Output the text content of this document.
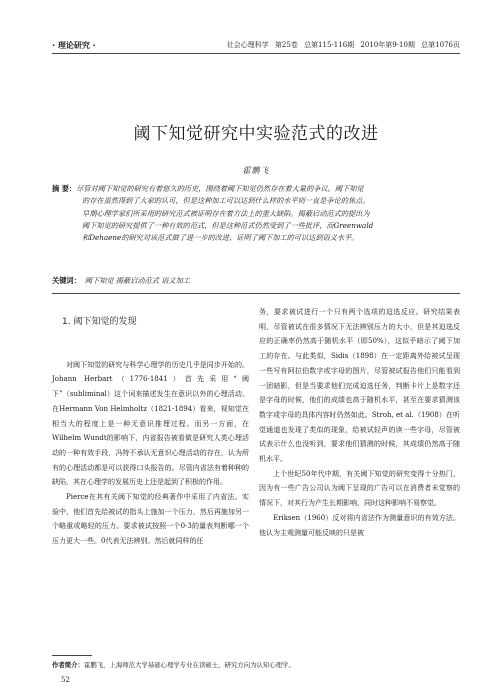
· 理论研究 ·	社会心理科学 第25卷 总第115-116期 2010年第9-10期 总第1076页
阈下知觉研究中实验范式的改进
霍鹏飞
摘 要：尽管对阈下知觉的研究有着悠久的历史，围绕着阈下知觉仍然存在着大量的争议。阈下知觉
的存在虽然得到了大家的认可，但是这种加工可以达到什么样的水平则一直是争论的焦点。
早期心理学家们所采用的研究范式被证明存在着方法上的重大缺陷。揭蔽启动范式的提出为
阈下知觉的研究提供了一种有效的范式，但是这种范式仍然受到了一些批评，而Greenwald
和Dehaene的研究对该范式做了进一步的改进，证明了阈下加工的可以达到语义水平。
关键词： 阈下知觉 揭蔽启动范式 语义加工
1. 阈下知觉的发现

对阈下知觉的研究与科学心理学的历史几乎是同步开始的。Johann Herbart（1776-1841）首先采用“阈下”（subliminal）这个词来描述发生在意识以外的心理活动。在Hermann Von Helmholtz（1821-1894）看来，视知觉在相当大的程度上是一种无意识推理过程。而另一方面，在Wilhelm Wundt的影响下，内省报告被看做是研究人类心理活动的一种有效手段，冯特不承认无意识心理活动的存在，认为所有的心理活动都是可以获得口头报告的。尽管内省法有着种种的缺陷，其在心理学的发展历史上还是起到了积极的作用。

Pierce在其有关阈下知觉的经典著作中采用了内省法。实验中，他们首先给被试的指头上施加一个压力，然后再施加另一个略重或略轻的压力。要求被试按照一个0-3的量表判断哪一个压力更大一些。0代表无法辨别。然后就同样的任

务，要求被试进行一个只有两个选项的迫选反应。研究结果表明，尽管被试在很多情况下无法辨别压力的大小，但是其迫选反应的正确率仍然高于随机水平（即50%），这似乎暗示了阈下加工的存在。与此类似，Sidis（1898）在一定距离外给被试呈现一些写有阿拉伯数字或字母的图片，尽管被试报告他们只能看到一团暗影，但是当要求他们完成迫选任务，判断卡片上是数字还是字母的时候，他们的成绩也高于随机水平，甚至在要求猜测该数字或字母的具体内容时仍然如此。Stroh, et al.（1908）在听觉通道也发现了类似的现象，给被试轻声的读一些字母，尽管被试表示什么也没听到，要求他们猜测的时候，其成绩仍然高于随机水平。

上个世纪50年代中期，有关阈下知觉的研究变得十分热门，因为有一些广告公司认为阈下呈现的广告可以在消费者未觉察的情况下，对其行为产生长期影响，同时这种影响不易察觉。

Eriksen（1960）反对将内省法作为测量意识的有效方法。他认为主观测量可能反映的只是被

作者简介：霍鹏飞，上海师范大学基础心理学专业在读硕士，研究方向为认知心理学。
52
